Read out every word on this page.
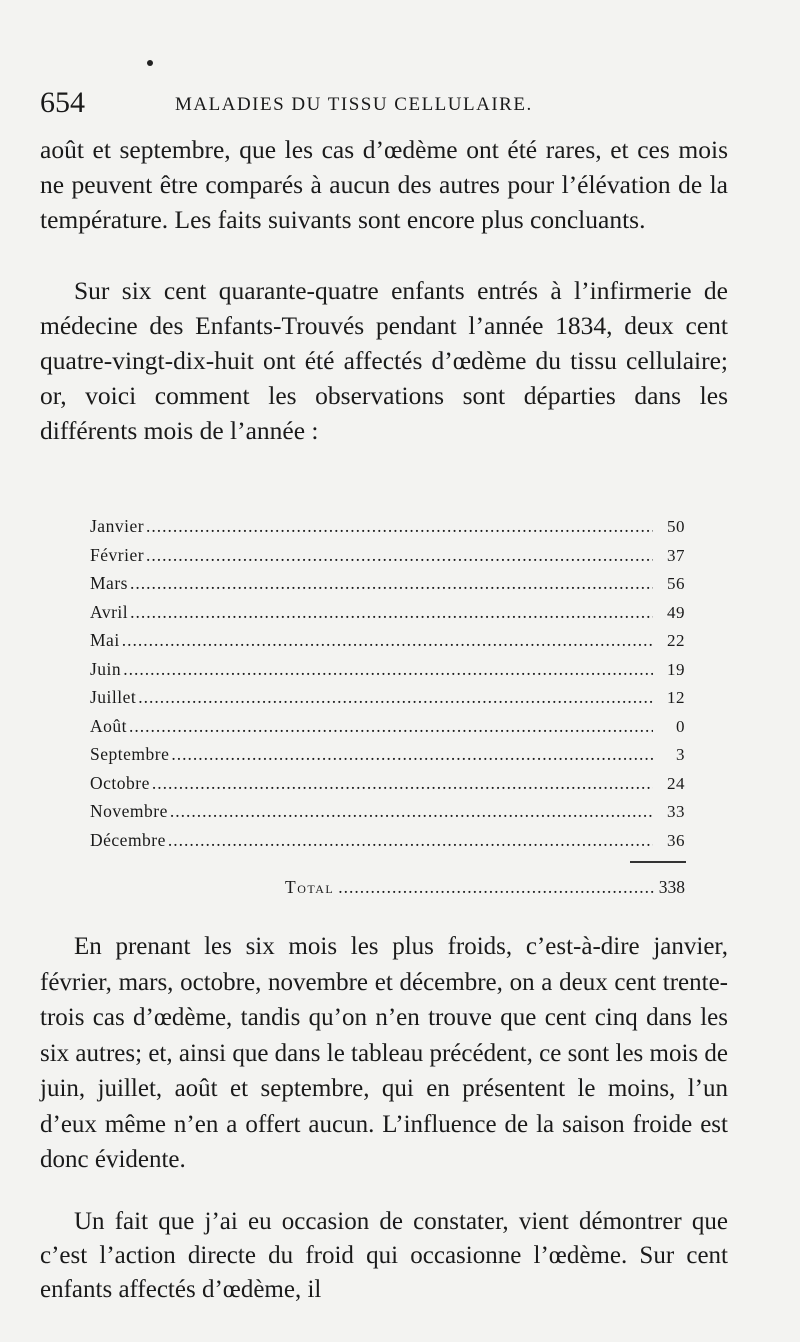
654	MALADIES DU TISSU CELLULAIRE.

août et septembre, que les cas d’œdème ont été rares, et ces mois ne peuvent être comparés à aucun des autres pour l’élévation de la température. Les faits suivants sont encore plus concluants.

Sur six cent quarante-quatre enfants entrés à l’infirmerie de médecine des Enfants-Trouvés pendant l’année 1834, deux cent quatre-vingt-dix-huit ont été affectés d’œdème du tissu cellulaire; or, voici comment les observations sont départies dans les différents mois de l’année :

Janvier .....	50
Février .....	37
Mars .....	56
Avril .....	49
Mai .....	22
Juin .....	19
Juillet .....	12
Août .....	0
Septembre .....	3
Octobre .....	24
Novembre .....	33
Décembre .....	36
Total .....	338

En prenant les six mois les plus froids, c’est-à-dire janvier, février, mars, octobre, novembre et décembre, on a deux cent trente-trois cas d’œdème, tandis qu’on n’en trouve que cent cinq dans les six autres; et, ainsi que dans le tableau précédent, ce sont les mois de juin, juillet, août et septembre, qui en présentent le moins, l’un d’eux même n’en a offert aucun. L’influence de la saison froide est donc évidente.

Un fait que j’ai eu occasion de constater, vient démontrer que c’est l’action directe du froid qui occasionne l’œdème. Sur cent enfants affectés d’œdème, il
